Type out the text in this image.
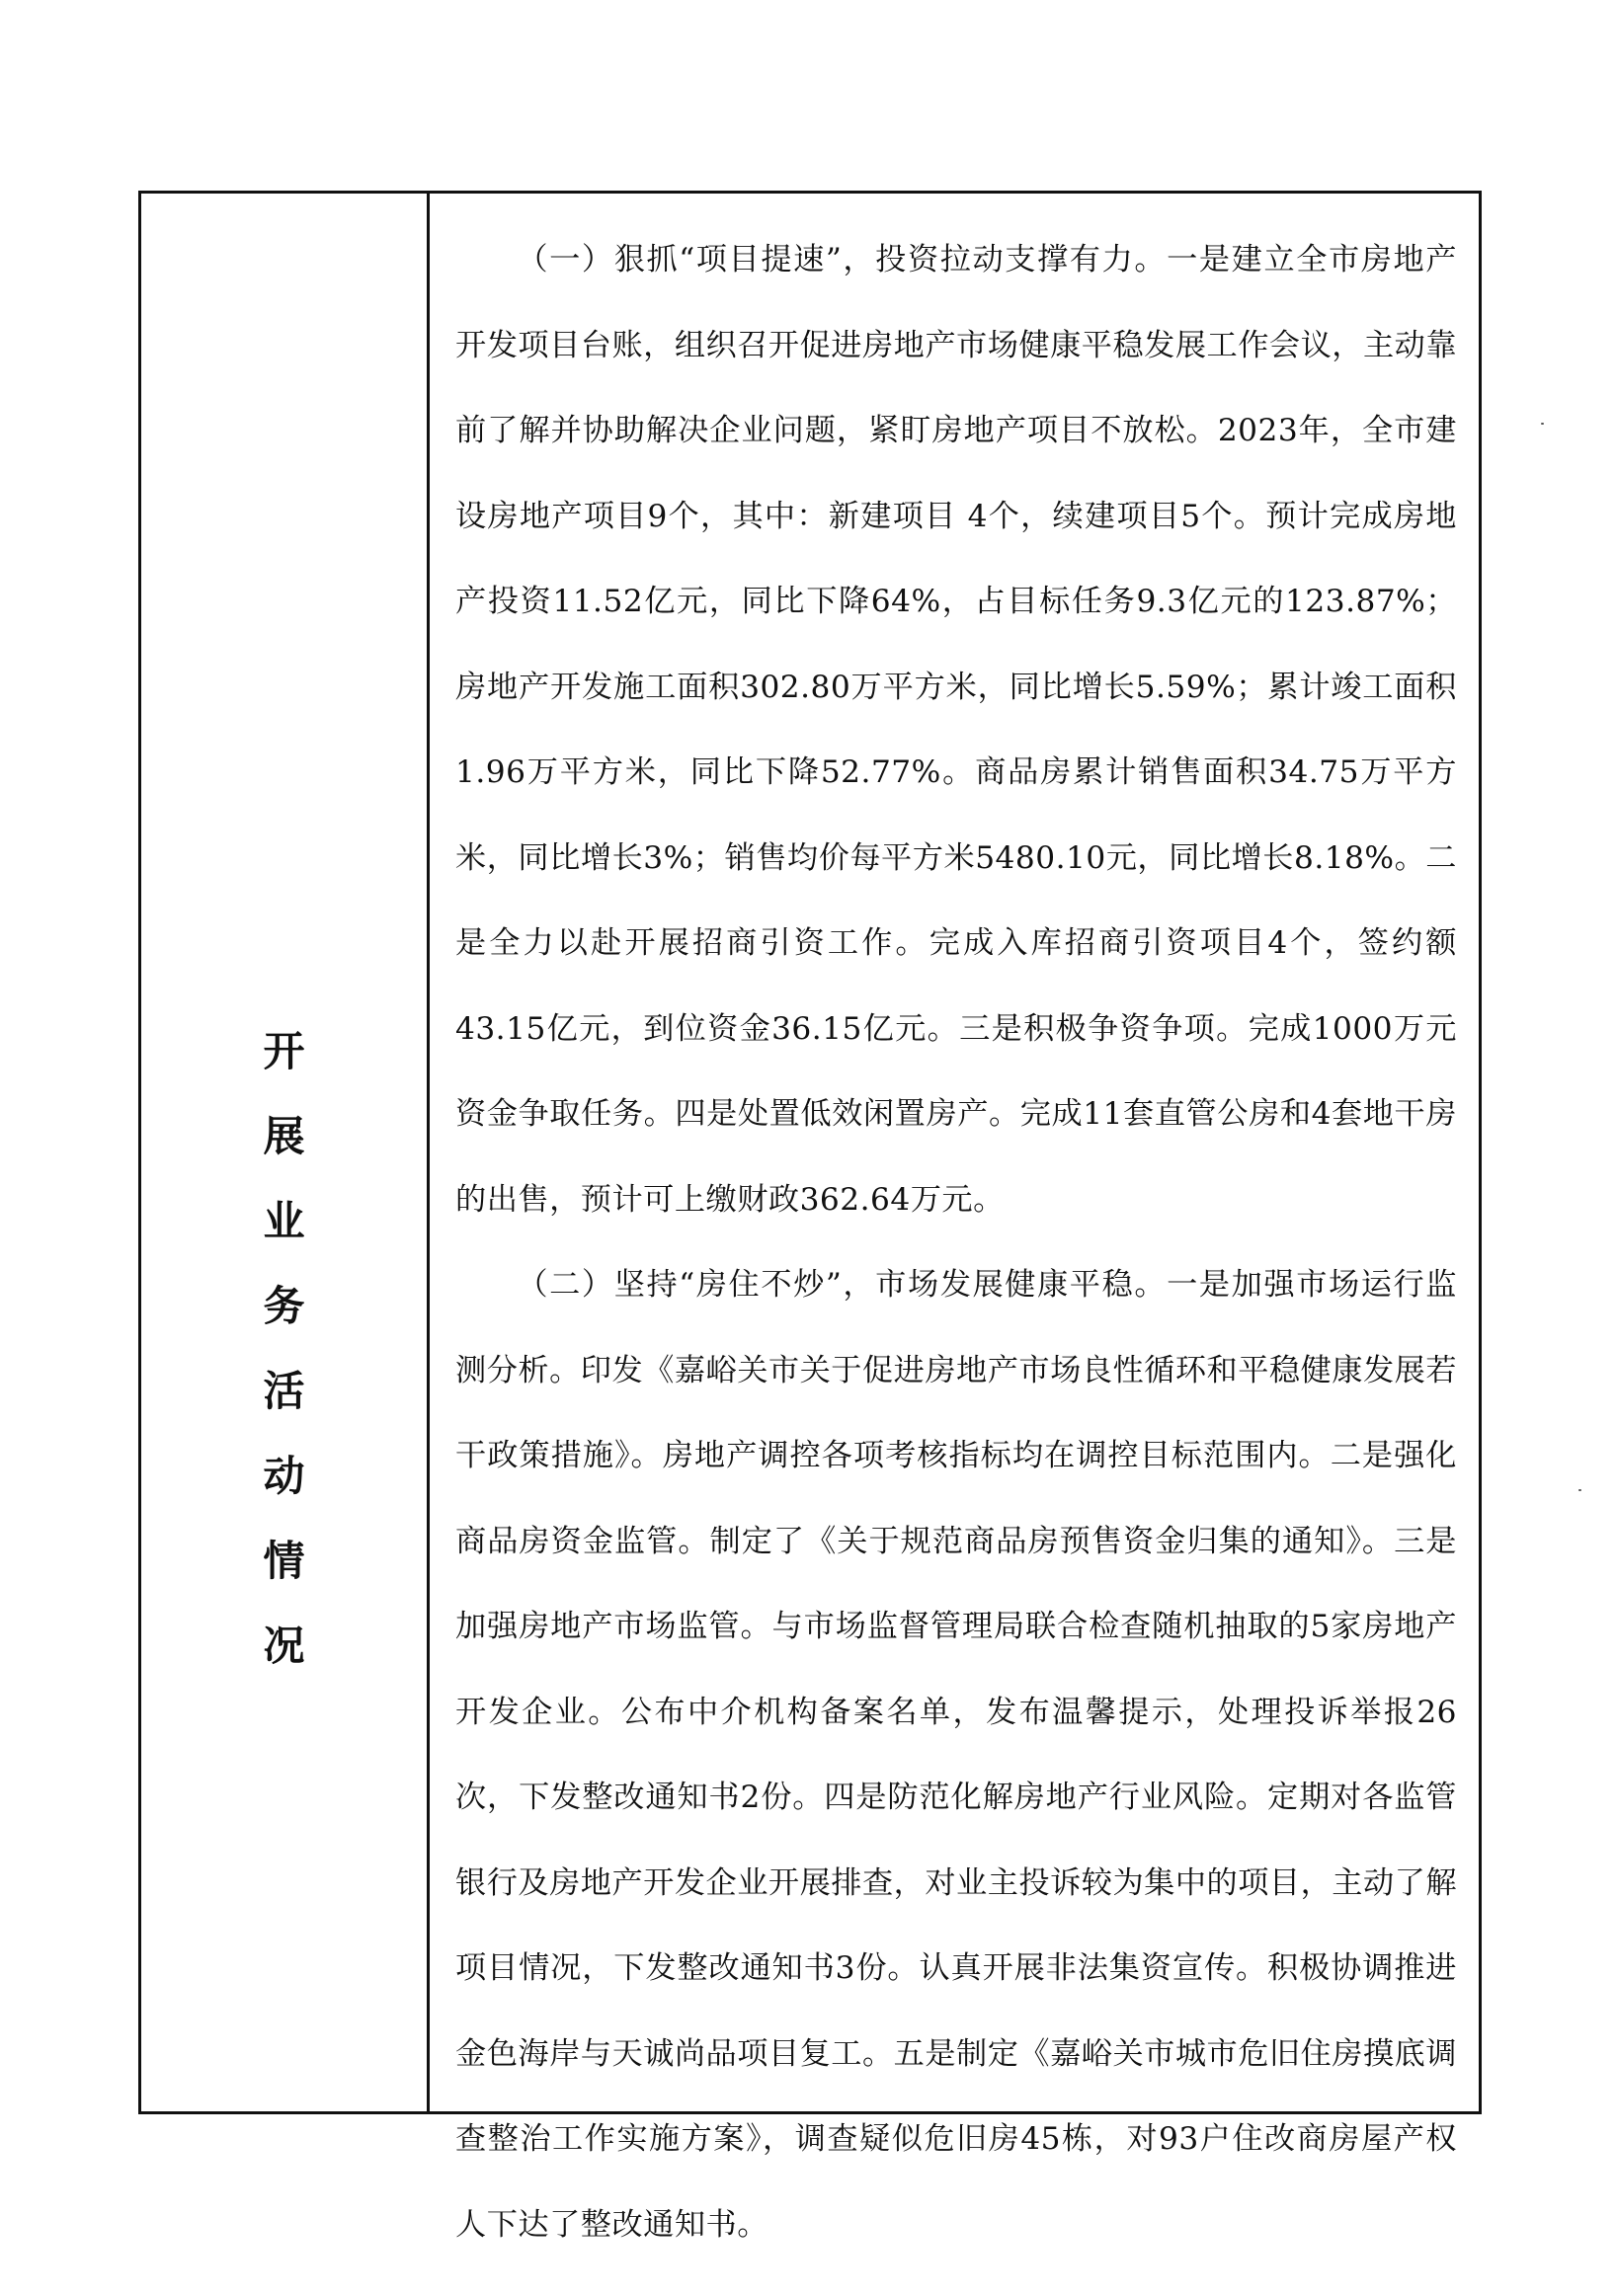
开
展
业
务
活
动
情
况

（一）狠抓“项目提速”，投资拉动支撑有力。一是建立全市房地产开发项目台账，组织召开促进房地产市场健康平稳发展工作会议，主动靠前了解并协助解决企业问题，紧盯房地产项目不放松。2023年，全市建设房地产项目9个，其中：新建项目 4个，续建项目5个。预计完成房地产投资11.52亿元，同比下降64%，占目标任务9.3亿元的123.87%；房地产开发施工面积302.80万平方米，同比增长5.59%；累计竣工面积1.96万平方米，同比下降52.77%。商品房累计销售面积34.75万平方米，同比增长3%；销售均价每平方米5480.10元，同比增长8.18%。二是全力以赴开展招商引资工作。完成入库招商引资项目4个，签约额43.15亿元，到位资金36.15亿元。三是积极争资争项。完成1000万元资金争取任务。四是处置低效闲置房产。完成11套直管公房和4套地干房的出售，预计可上缴财政362.64万元。

（二）坚持“房住不炒”，市场发展健康平稳。一是加强市场运行监测分析。印发《嘉峪关市关于促进房地产市场良性循环和平稳健康发展若干政策措施》。房地产调控各项考核指标均在调控目标范围内。二是强化商品房资金监管。制定了《关于规范商品房预售资金归集的通知》。三是加强房地产市场监管。与市场监督管理局联合检查随机抽取的5家房地产开发企业。公布中介机构备案名单，发布温馨提示，处理投诉举报26次，下发整改通知书2份。四是防范化解房地产行业风险。定期对各监管银行及房地产开发企业开展排查，对业主投诉较为集中的项目，主动了解项目情况，下发整改通知书3份。认真开展非法集资宣传。积极协调推进金色海岸与天诚尚品项目复工。五是制定《嘉峪关市城市危旧住房摸底调查整治工作实施方案》，调查疑似危旧房45栋，对93户住改商房屋产权人下达了整改通知书。
